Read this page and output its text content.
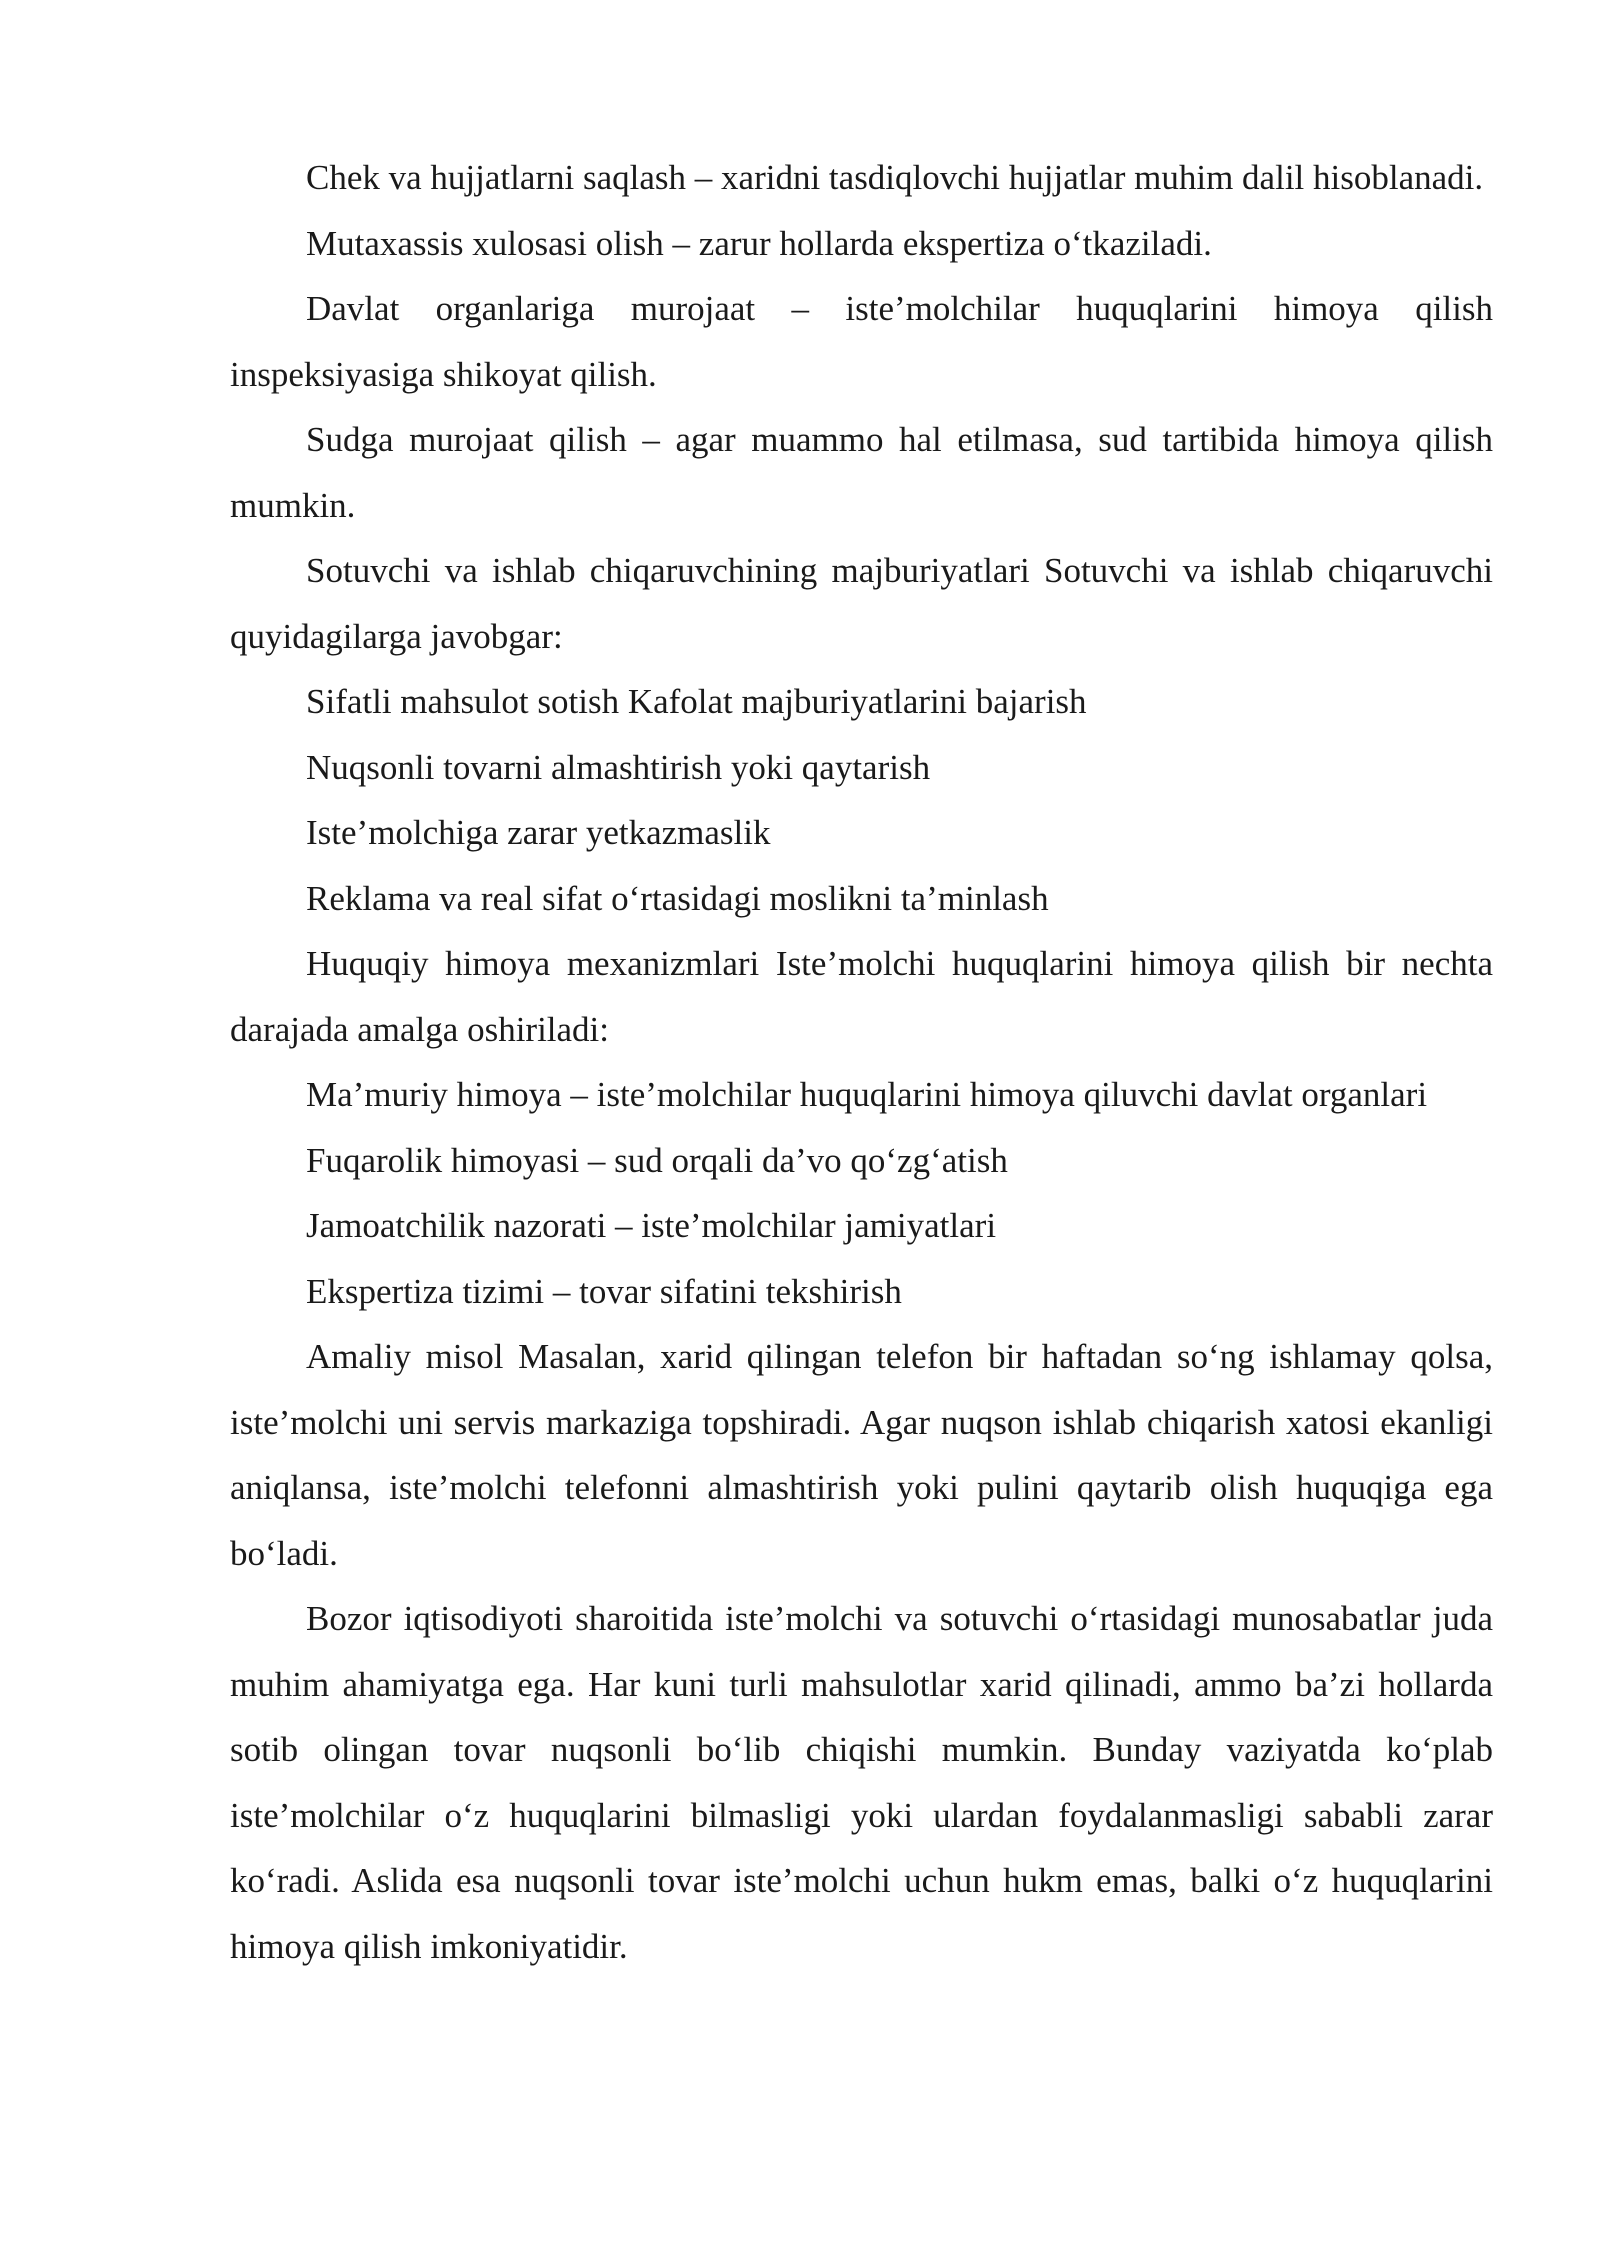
Chek va hujjatlarni saqlash – xaridni tasdiqlovchi hujjatlar muhim dalil hisoblanadi.

Mutaxassis xulosasi olish – zarur hollarda ekspertiza o‘tkaziladi.

Davlat organlariga murojaat – iste’molchilar huquqlarini himoya qilish inspeksiyasiga shikoyat qilish.

Sudga murojaat qilish – agar muammo hal etilmasa, sud tartibida himoya qilish mumkin.

Sotuvchi va ishlab chiqaruvchining majburiyatlari Sotuvchi va ishlab chiqaruvchi quyidagilarga javobgar:

Sifatli mahsulot sotish Kafolat majburiyatlarini bajarish

Nuqsonli tovarni almashtirish yoki qaytarish

Iste’molchiga zarar yetkazmaslik

Reklama va real sifat o‘rtasidagi moslikni ta’minlash

Huquqiy himoya mexanizmlari Iste’molchi huquqlarini himoya qilish bir nechta darajada amalga oshiriladi:

Ma’muriy himoya – iste’molchilar huquqlarini himoya qiluvchi davlat organlari

Fuqarolik himoyasi – sud orqali da’vo qo‘zg‘atish

Jamoatchilik nazorati – iste’molchilar jamiyatlari

Ekspertiza tizimi – tovar sifatini tekshirish

Amaliy misol Masalan, xarid qilingan telefon bir haftadan so‘ng ishlamay qolsa, iste’molchi uni servis markaziga topshiradi. Agar nuqson ishlab chiqarish xatosi ekanligi aniqlansa, iste’molchi telefonni almashtirish yoki pulini qaytarib olish huquqiga ega bo‘ladi.

Bozor iqtisodiyoti sharoitida iste’molchi va sotuvchi o‘rtasidagi munosabatlar juda muhim ahamiyatga ega. Har kuni turli mahsulotlar xarid qilinadi, ammo ba’zi hollarda sotib olingan tovar nuqsonli bo‘lib chiqishi mumkin. Bunday vaziyatda ko‘plab iste’molchilar o‘z huquqlarini bilmasligi yoki ulardan foydalanmasligi sababli zarar ko‘radi. Aslida esa nuqsonli tovar iste’molchi uchun hukm emas, balki o‘z huquqlarini himoya qilish imkoniyatidir.
